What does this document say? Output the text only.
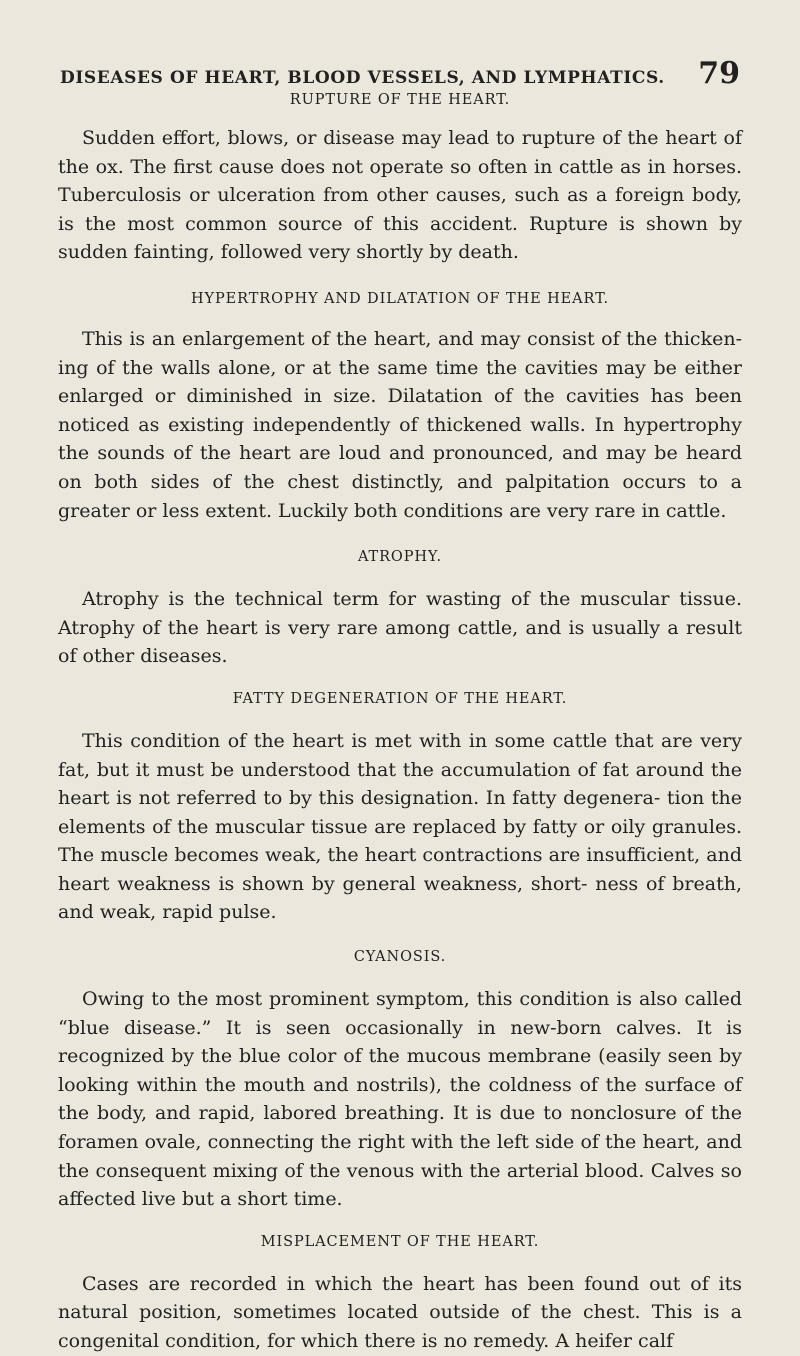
DISEASES OF HEART, BLOOD VESSELS, AND LYMPHATICS. 79
RUPTURE OF THE HEART.

Sudden effort, blows, or disease may lead to rupture of the heart of the ox. The first cause does not operate so often in cattle as in horses. Tuberculosis or ulceration from other causes, such as a foreign body, is the most common source of this accident. Rupture is shown by sudden fainting, followed very shortly by death.

HYPERTROPHY AND DILATATION OF THE HEART.

This is an enlargement of the heart, and may consist of the thicken- ing of the walls alone, or at the same time the cavities may be either enlarged or diminished in size. Dilatation of the cavities has been noticed as existing independently of thickened walls. In hypertrophy the sounds of the heart are loud and pronounced, and may be heard on both sides of the chest distinctly, and palpitation occurs to a greater or less extent. Luckily both conditions are very rare in cattle.

ATROPHY.

Atrophy is the technical term for wasting of the muscular tissue. Atrophy of the heart is very rare among cattle, and is usually a result of other diseases.

FATTY DEGENERATION OF THE HEART.

This condition of the heart is met with in some cattle that are very fat, but it must be understood that the accumulation of fat around the heart is not referred to by this designation. In fatty degenera- tion the elements of the muscular tissue are replaced by fatty or oily granules. The muscle becomes weak, the heart contractions are insufficient, and heart weakness is shown by general weakness, short- ness of breath, and weak, rapid pulse.

CYANOSIS.

Owing to the most prominent symptom, this condition is also called “blue disease.” It is seen occasionally in new-born calves. It is recognized by the blue color of the mucous membrane (easily seen by looking within the mouth and nostrils), the coldness of the surface of the body, and rapid, labored breathing. It is due to nonclosure of the foramen ovale, connecting the right with the left side of the heart, and the consequent mixing of the venous with the arterial blood. Calves so affected live but a short time.

MISPLACEMENT OF THE HEART.

Cases are recorded in which the heart has been found out of its natural position, sometimes located outside of the chest. This is a congenital condition, for which there is no remedy. A heifer calf
